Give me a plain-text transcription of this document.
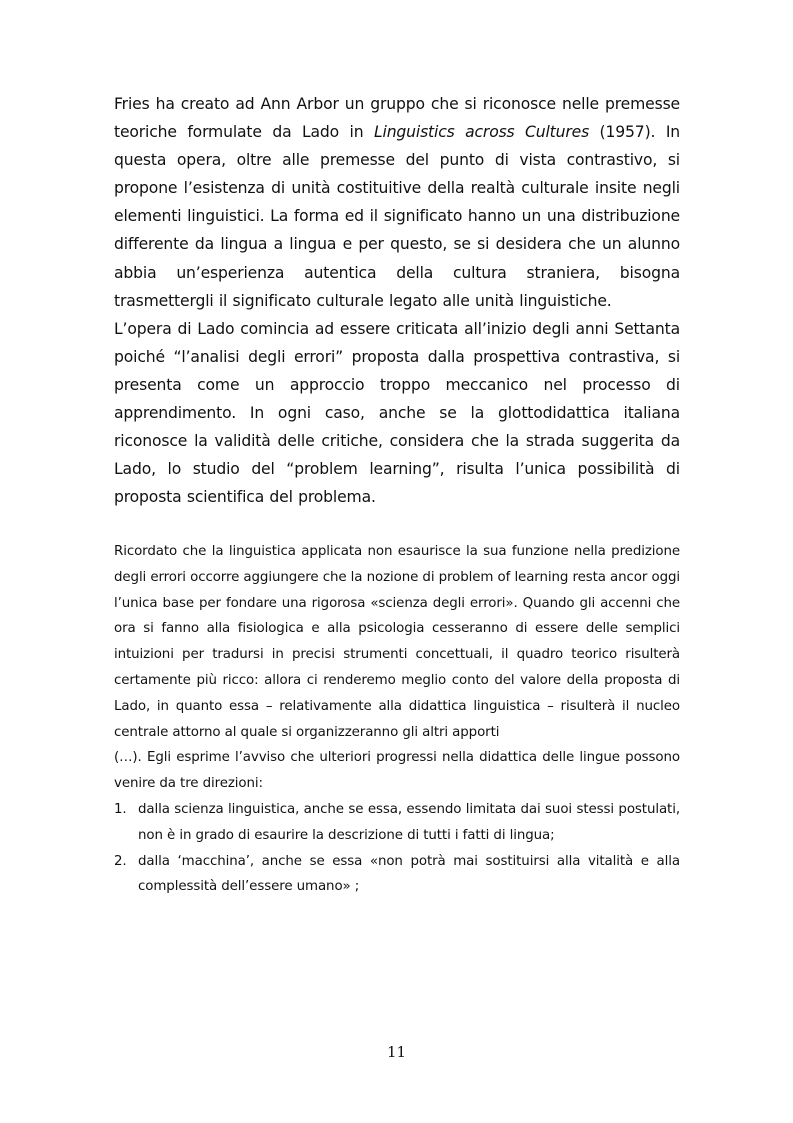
Fries ha creato ad Ann Arbor un gruppo che si riconosce nelle premesse teoriche formulate da Lado in Linguistics across Cultures (1957). In questa opera, oltre alle premesse del punto di vista contrastivo, si propone l’esistenza di unità costituitive della realtà culturale insite negli elementi linguistici. La forma ed il significato hanno un una distribuzione differente da lingua a lingua e per questo, se si desidera che un alunno abbia un’esperienza autentica della cultura straniera, bisogna trasmettergli il significato culturale legato alle unità linguistiche.

L’opera di Lado comincia ad essere criticata all’inizio degli anni Settanta poiché “l’analisi degli errori” proposta dalla prospettiva contrastiva, si presenta come un approccio troppo meccanico nel processo di apprendimento. In ogni caso, anche se la glottodidattica italiana riconosce la validità delle critiche, considera che la strada suggerita da Lado, lo studio del “problem learning”, risulta l’unica possibilità di proposta scientifica del problema.

Ricordato che la linguistica applicata non esaurisce la sua funzione nella predizione degli errori occorre aggiungere che la nozione di problem of learning resta ancor oggi l’unica base per fondare una rigorosa «scienza degli errori». Quando gli accenni che ora si fanno alla fisiologica e alla psicologia cesseranno di essere delle semplici intuizioni per tradursi in precisi strumenti concettuali, il quadro teorico risulterà certamente più ricco: allora ci renderemo meglio conto del valore della proposta di Lado, in quanto essa – relativamente alla didattica linguistica – risulterà il nucleo centrale attorno al quale si organizzeranno gli altri apporti

(…). Egli esprime l’avviso che ulteriori progressi nella didattica delle lingue possono venire da tre direzioni:

1. dalla scienza linguistica, anche se essa, essendo limitata dai suoi stessi postulati, non è in grado di esaurire la descrizione di tutti i fatti di lingua;
2. dalla ‘macchina’, anche se essa «non potrà mai sostituirsi alla vitalità e alla complessità dell’essere umano» ;
11
